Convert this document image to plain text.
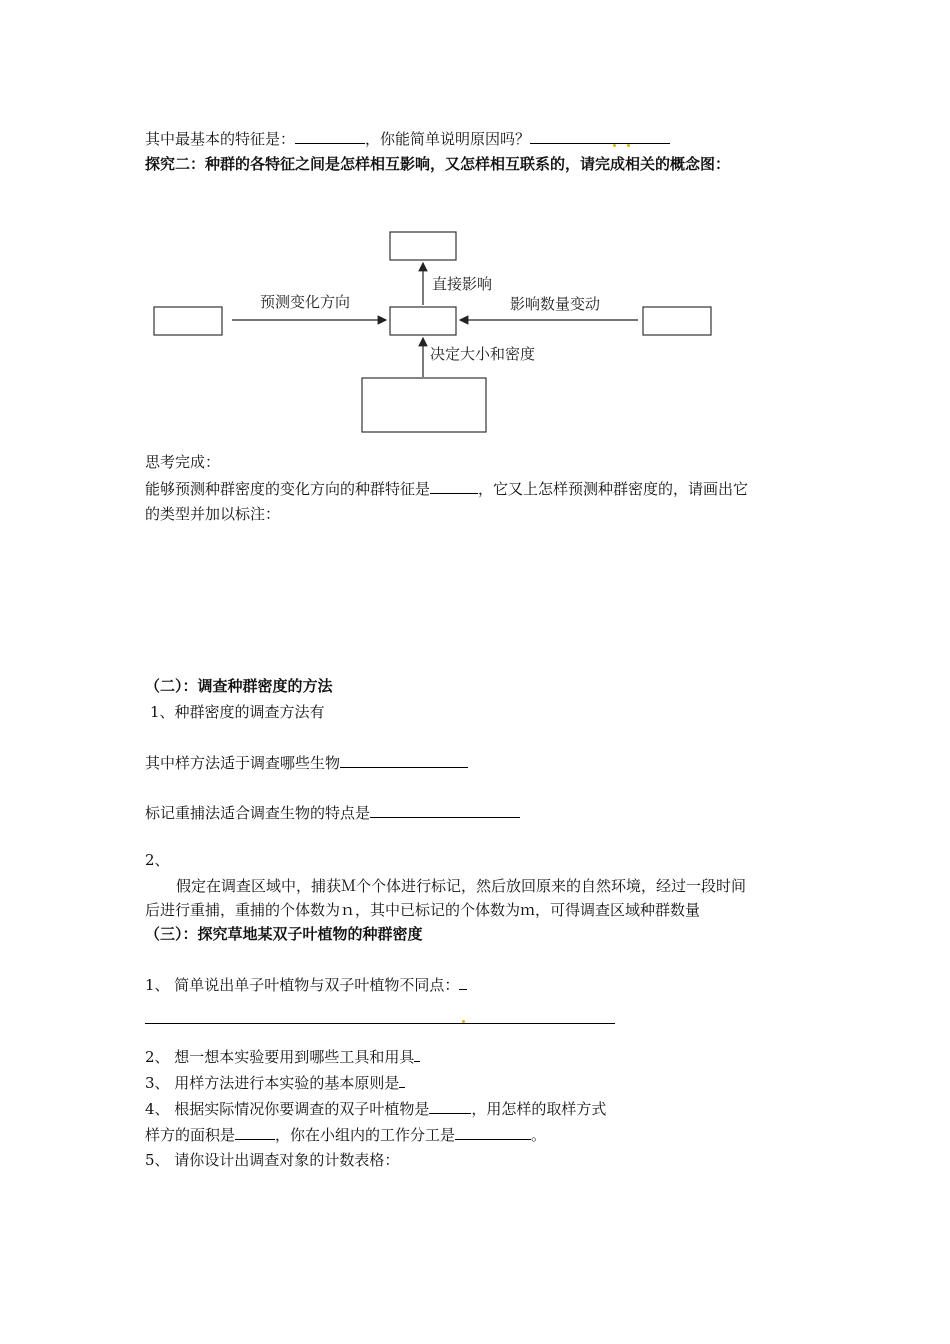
其中最基本的特征是：	，你能简单说明原因吗？
探究二：种群的各特征之间是怎样相互影响，又怎样相互联系的，请完成相关的概念图：
预测变化方向
直接影响
影响数量变动
决定大小和密度
思考完成：
能够预测种群密度的变化方向的种群特征是	，它又上怎样预测种群密度的，请画出它
的类型并加以标注：
（二）：调查种群密度的方法
1、种群密度的调查方法有
其中样方法适于调查哪些生物
标记重捕法适合调查生物的特点是
2、
假定在调查区域中，捕获Ｍ个个体进行标记，然后放回原来的自然环境，经过一段时间
后进行重捕，重捕的个体数为ｎ，其中已标记的个体数为ｍ，可得调查区域种群数量
（三）：探究草地某双子叶植物的种群密度
1、 简单说出单子叶植物与双子叶植物不同点：
2、 想一想本实验要用到哪些工具和用具
3、 用样方法进行本实验的基本原则是
4、 根据实际情况你要调查的双子叶植物是	，用怎样的取样方式
样方的面积是	，你在小组内的工作分工是	。
5、 请你设计出调查对象的计数表格：
